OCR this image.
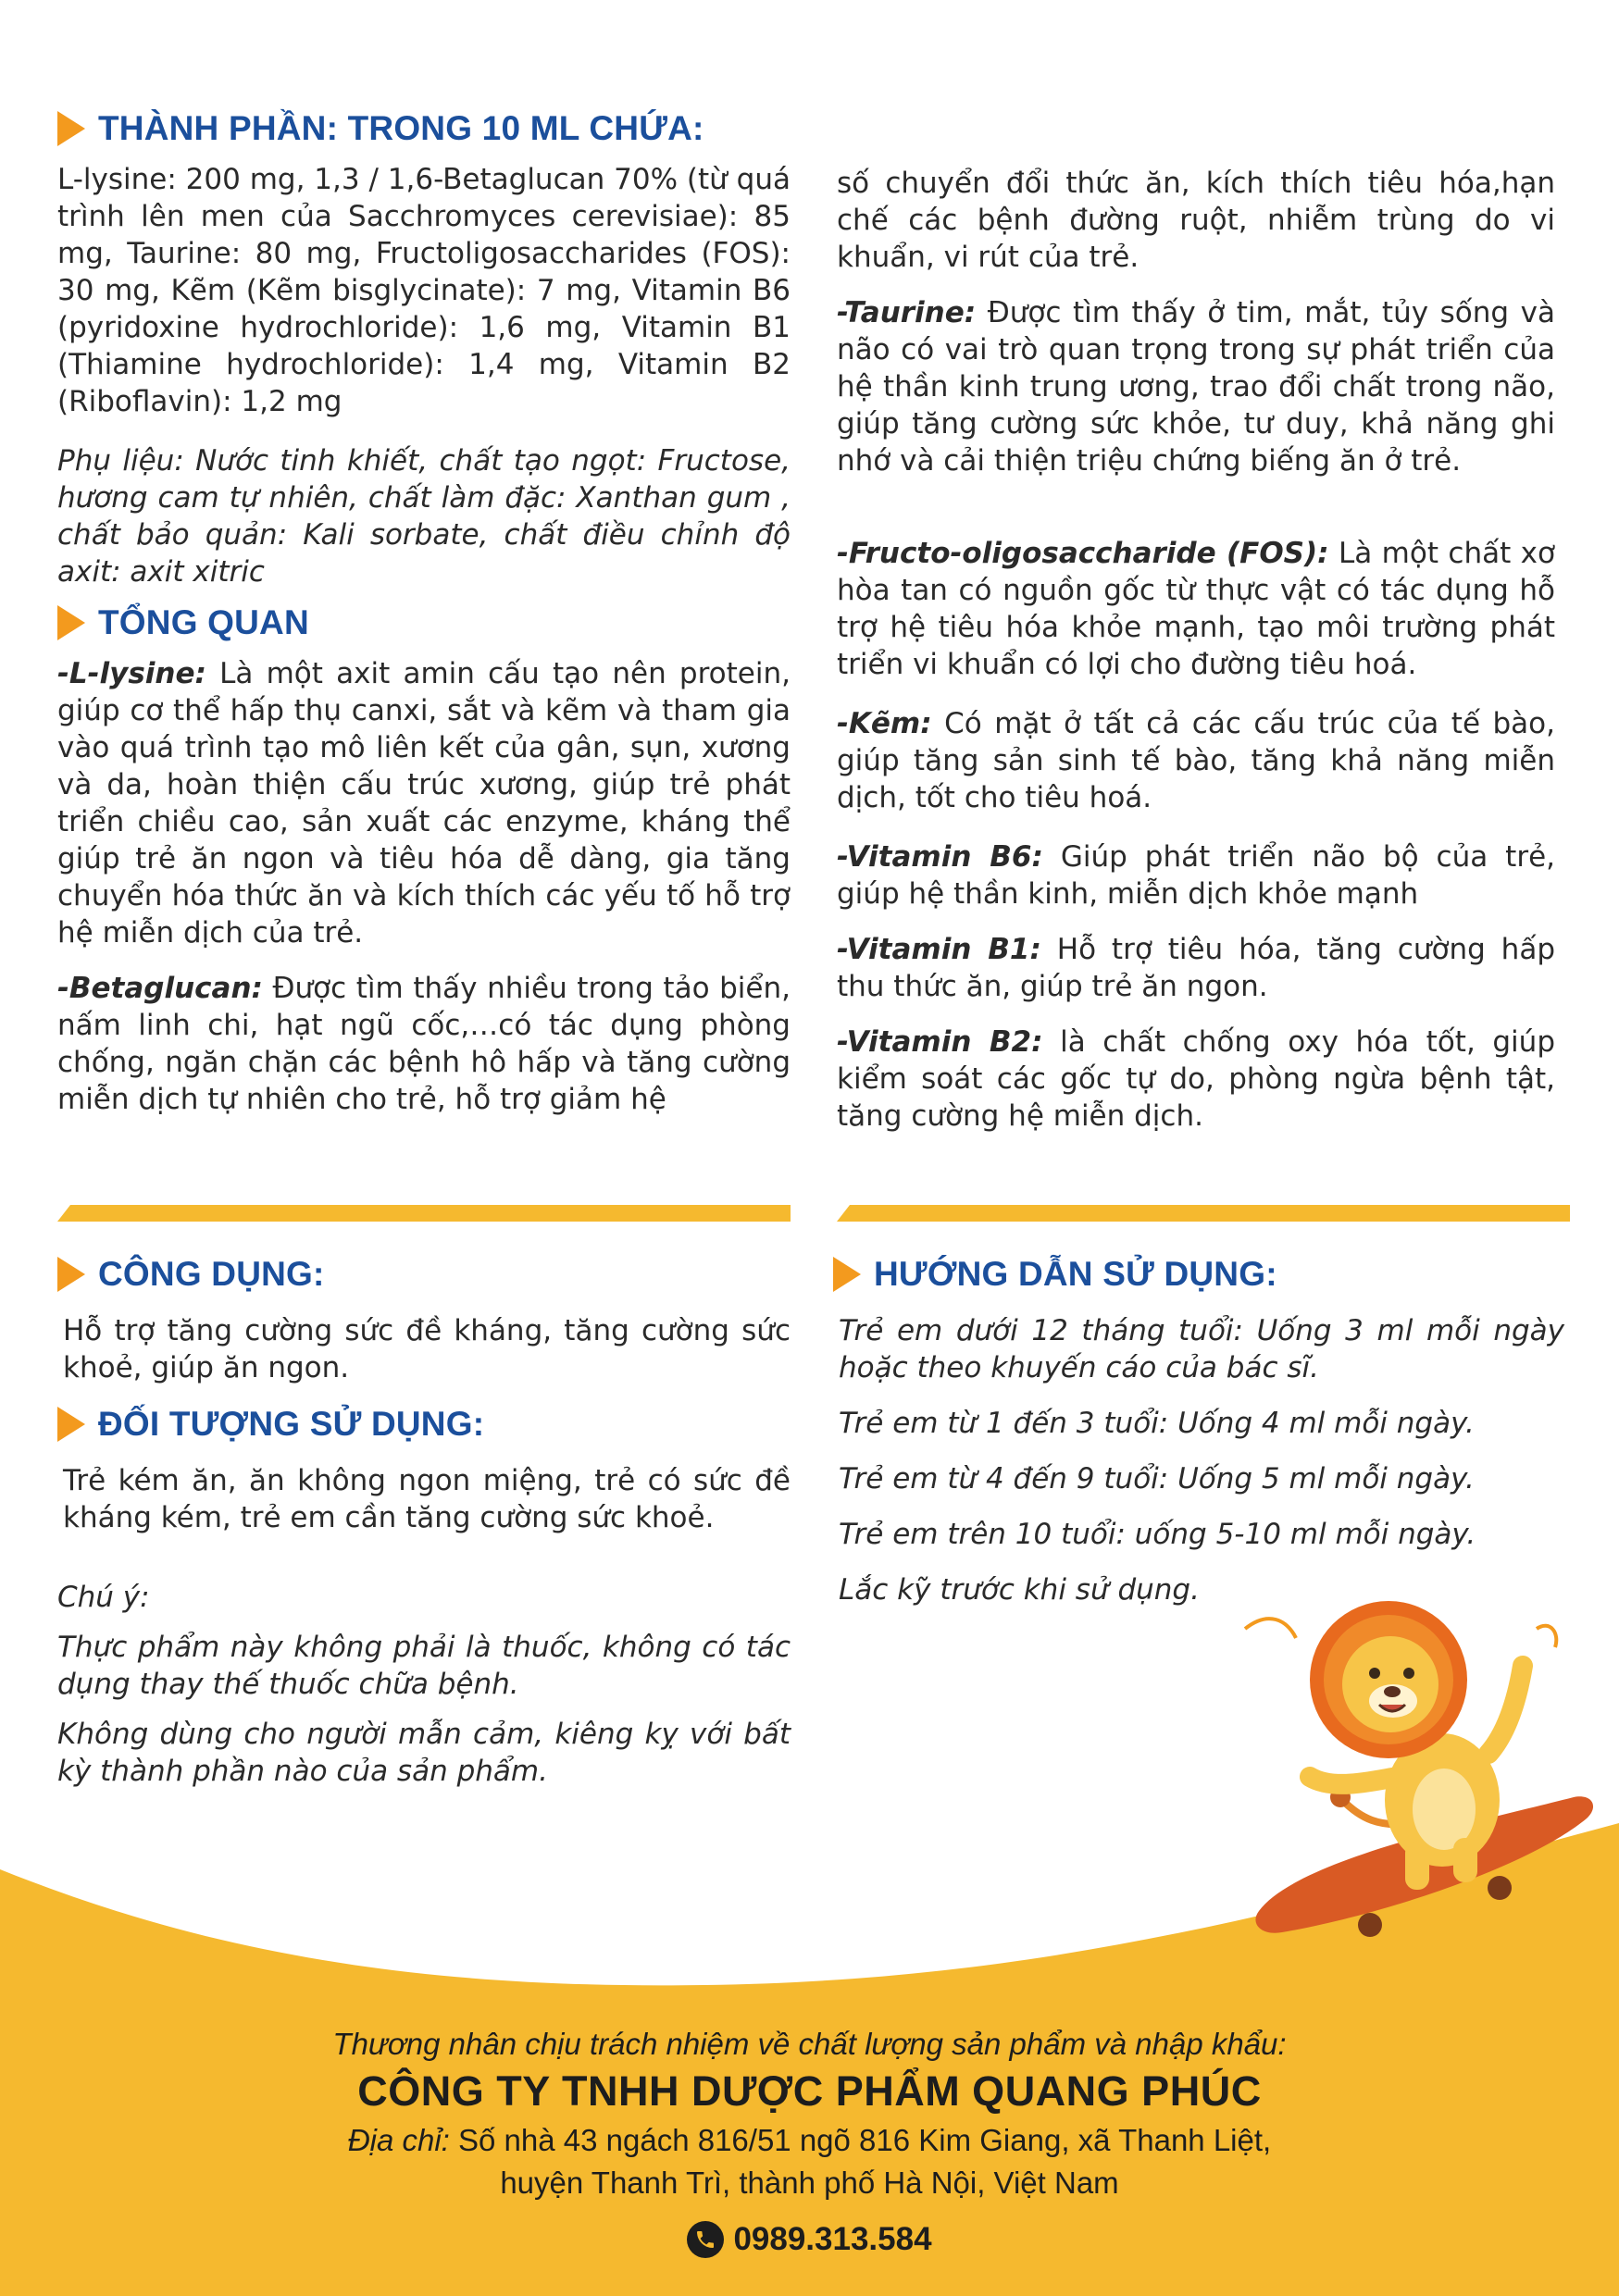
THÀNH PHẦN: TRONG 10 ML CHỨA:

L-lysine: 200 mg, 1,3 / 1,6-Betaglucan 70% (từ quá trình lên men của Sacchromyces cerevisiae): 85 mg, Taurine: 80 mg, Fructoligosaccharides (FOS): 30 mg, Kẽm (Kẽm bisglycinate): 7 mg, Vitamin B6 (pyridoxine hydrochloride): 1,6 mg, Vitamin B1 (Thiamine hydrochloride): 1,4 mg, Vitamin B2 (Riboflavin): 1,2 mg

Phụ liệu: Nước tinh khiết, chất tạo ngọt: Fructose, hương cam tự nhiên, chất làm đặc: Xanthan gum , chất bảo quản: Kali sorbate, chất điều chỉnh độ axit: axit xitric

TỔNG QUAN

-L-lysine: Là một axit amin cấu tạo nên protein, giúp cơ thể hấp thụ canxi, sắt và kẽm và tham gia vào quá trình tạo mô liên kết của gân, sụn, xương và da, hoàn thiện cấu trúc xương, giúp trẻ phát triển chiều cao, sản xuất các enzyme, kháng thể giúp trẻ ăn ngon và tiêu hóa dễ dàng, gia tăng chuyển hóa thức ăn và kích thích các yếu tố hỗ trợ hệ miễn dịch của trẻ.

-Betaglucan: Được tìm thấy nhiều trong tảo biển, nấm linh chi, hạt ngũ cốc,…có tác dụng phòng chống, ngăn chặn các bệnh hô hấp và tăng cường miễn dịch tự nhiên cho trẻ, hỗ trợ giảm hệ

số chuyển đổi thức ăn, kích thích tiêu hóa,hạn chế các bệnh đường ruột, nhiễm trùng do vi khuẩn, vi rút của trẻ.

-Taurine: Được tìm thấy ở tim, mắt, tủy sống và não có vai trò quan trọng trong sự phát triển của hệ thần kinh trung ương, trao đổi chất trong não, giúp tăng cường sức khỏe, tư duy, khả năng ghi nhớ và cải thiện triệu chứng biếng ăn ở trẻ.

-Fructo-oligosaccharide (FOS): Là một chất xơ hòa tan có nguồn gốc từ thực vật có tác dụng hỗ trợ hệ tiêu hóa khỏe mạnh, tạo môi trường phát triển vi khuẩn có lợi cho đường tiêu hoá.

-Kẽm: Có mặt ở tất cả các cấu trúc của tế bào, giúp tăng sản sinh tế bào, tăng khả năng miễn dịch, tốt cho tiêu hoá.

-Vitamin B6: Giúp phát triển não bộ của trẻ, giúp hệ thần kinh, miễn dịch khỏe mạnh

-Vitamin B1: Hỗ trợ tiêu hóa, tăng cường hấp thu thức ăn, giúp trẻ ăn ngon.

-Vitamin B2: là chất chống oxy hóa tốt, giúp kiểm soát các gốc tự do, phòng ngừa bệnh tật, tăng cường hệ miễn dịch.

CÔNG DỤNG:

Hỗ trợ tăng cường sức đề kháng, tăng cường sức khoẻ, giúp ăn ngon.

ĐỐI TƯỢNG SỬ DỤNG:

Trẻ kém ăn, ăn không ngon miệng, trẻ có sức đề kháng kém, trẻ em cần tăng cường sức khoẻ.

Chú ý:

Thực phẩm này không phải là thuốc, không có tác dụng thay thế thuốc chữa bệnh.

Không dùng cho người mẫn cảm, kiêng kỵ với bất kỳ thành phần nào của sản phẩm.

HƯỚNG DẪN SỬ DỤNG:

Trẻ em dưới 12 tháng tuổi: Uống 3 ml mỗi ngày hoặc theo khuyến cáo của bác sĩ.

Trẻ em từ 1 đến 3 tuổi: Uống 4 ml mỗi ngày.

Trẻ em từ 4 đến 9 tuổi: Uống 5 ml mỗi ngày.

Trẻ em trên 10 tuổi: uống 5-10 ml mỗi ngày.

Lắc kỹ trước khi sử dụng.

Thương nhân chịu trách nhiệm về chất lượng sản phẩm và nhập khẩu:
CÔNG TY TNHH DƯỢC PHẨM QUANG PHÚC
Địa chỉ: Số nhà 43 ngách 816/51 ngõ 816 Kim Giang, xã Thanh Liệt,
huyện Thanh Trì, thành phố Hà Nội, Việt Nam
0989.313.584
